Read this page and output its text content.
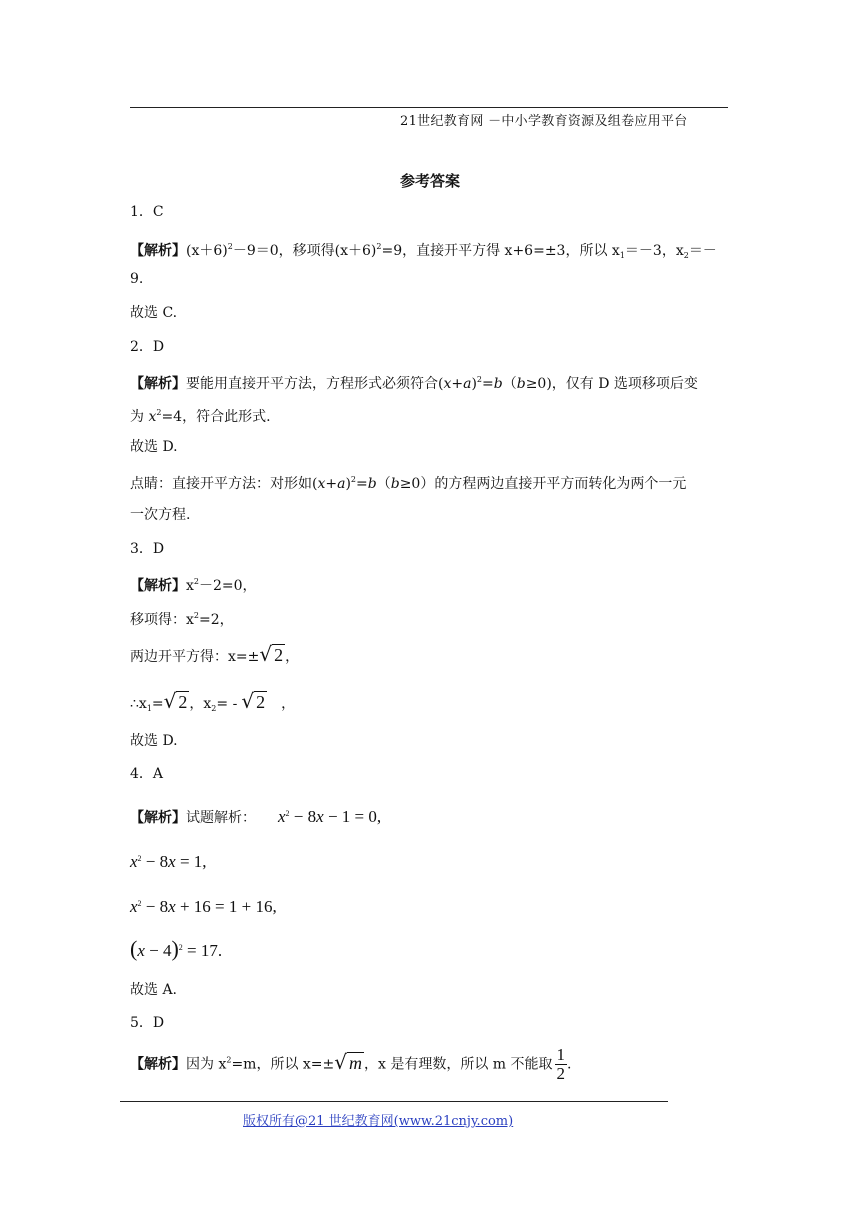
21世纪教育网 －中小学教育资源及组卷应用平台
参考答案
1．C
【解析】$(x+6)^2-9=0$，移项得$(x+6)^2=9$，直接开平方得 x+6=±3，所以 $x_1=-3$，$x_2=-$
9.
故选 C.
2．D
【解析】要能用直接开平方法，方程形式必须符合$(x+a)^2=b(b\ge 0)$，仅有 D 选项移项后变
为 $x^2=4$，符合此形式.
故选 D.
点睛：直接开平方法：对形如$(x+a)^2=b(b\ge 0)$的方程两边直接开平方而转化为两个一元
一次方程.
3．D
【解析】$x^2-2=0$，
移项得：$x^2=2$，
两边开平方得：x=±√ 2 ，
$\therefore x_1=√$ 2 ，$x_2=$ - √ 2 ，
故选 D.
4．A
【解析】试题解析： $x^2 - 8x - 1 = 0$,
$x^2 - 8x = 1$,
$x^2 - 8x + 16 = 1 + 16$,
$(x - 4)^2 = 17$.
故选 A.
5．D
【解析】因为 $x^2=m$，所以 x=±√ m ，x 是有理数，所以 m 不能取 $\frac{1}{2}$ .
版权所有@21 世纪教育网(www.21cnjy.com)
